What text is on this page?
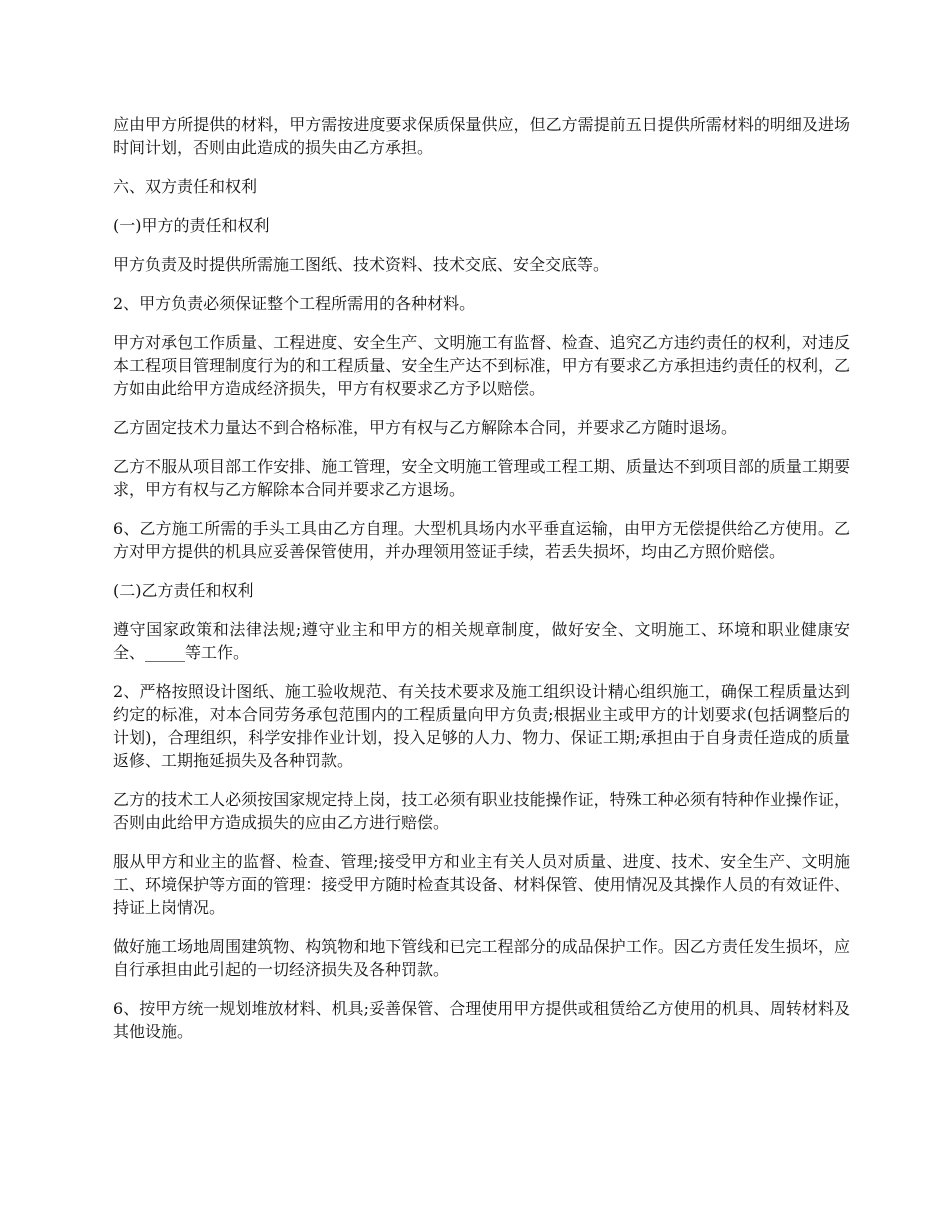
应由甲方所提供的材料，甲方需按进度要求保质保量供应，但乙方需提前五日提供所需材料的明细及进场时间计划，否则由此造成的损失由乙方承担。

六、双方责任和权利

(一)甲方的责任和权利

甲方负责及时提供所需施工图纸、技术资料、技术交底、安全交底等。

2、甲方负责必须保证整个工程所需用的各种材料。

甲方对承包工作质量、工程进度、安全生产、文明施工有监督、检查、追究乙方违约责任的权利，对违反本工程项目管理制度行为的和工程质量、安全生产达不到标准，甲方有要求乙方承担违约责任的权利，乙方如由此给甲方造成经济损失，甲方有权要求乙方予以赔偿。

乙方固定技术力量达不到合格标准，甲方有权与乙方解除本合同，并要求乙方随时退场。

乙方不服从项目部工作安排、施工管理，安全文明施工管理或工程工期、质量达不到项目部的质量工期要求，甲方有权与乙方解除本合同并要求乙方退场。

6、乙方施工所需的手头工具由乙方自理。大型机具场内水平垂直运输，由甲方无偿提供给乙方使用。乙方对甲方提供的机具应妥善保管使用，并办理领用签证手续，若丢失损坏，均由乙方照价赔偿。

(二)乙方责任和权利

遵守国家政策和法律法规;遵守业主和甲方的相关规章制度，做好安全、文明施工、环境和职业健康安全、_____等工作。

2、严格按照设计图纸、施工验收规范、有关技术要求及施工组织设计精心组织施工，确保工程质量达到约定的标准，对本合同劳务承包范围内的工程质量向甲方负责;根据业主或甲方的计划要求(包括调整后的计划)，合理组织，科学安排作业计划，投入足够的人力、物力、保证工期;承担由于自身责任造成的质量返修、工期拖延损失及各种罚款。

乙方的技术工人必须按国家规定持上岗，技工必须有职业技能操作证，特殊工种必须有特种作业操作证，否则由此给甲方造成损失的应由乙方进行赔偿。

服从甲方和业主的监督、检查、管理;接受甲方和业主有关人员对质量、进度、技术、安全生产、文明施工、环境保护等方面的管理：接受甲方随时检查其设备、材料保管、使用情况及其操作人员的有效证件、持证上岗情况。

做好施工场地周围建筑物、构筑物和地下管线和已完工程部分的成品保护工作。因乙方责任发生损坏，应自行承担由此引起的一切经济损失及各种罚款。

6、按甲方统一规划堆放材料、机具;妥善保管、合理使用甲方提供或租赁给乙方使用的机具、周转材料及其他设施。
